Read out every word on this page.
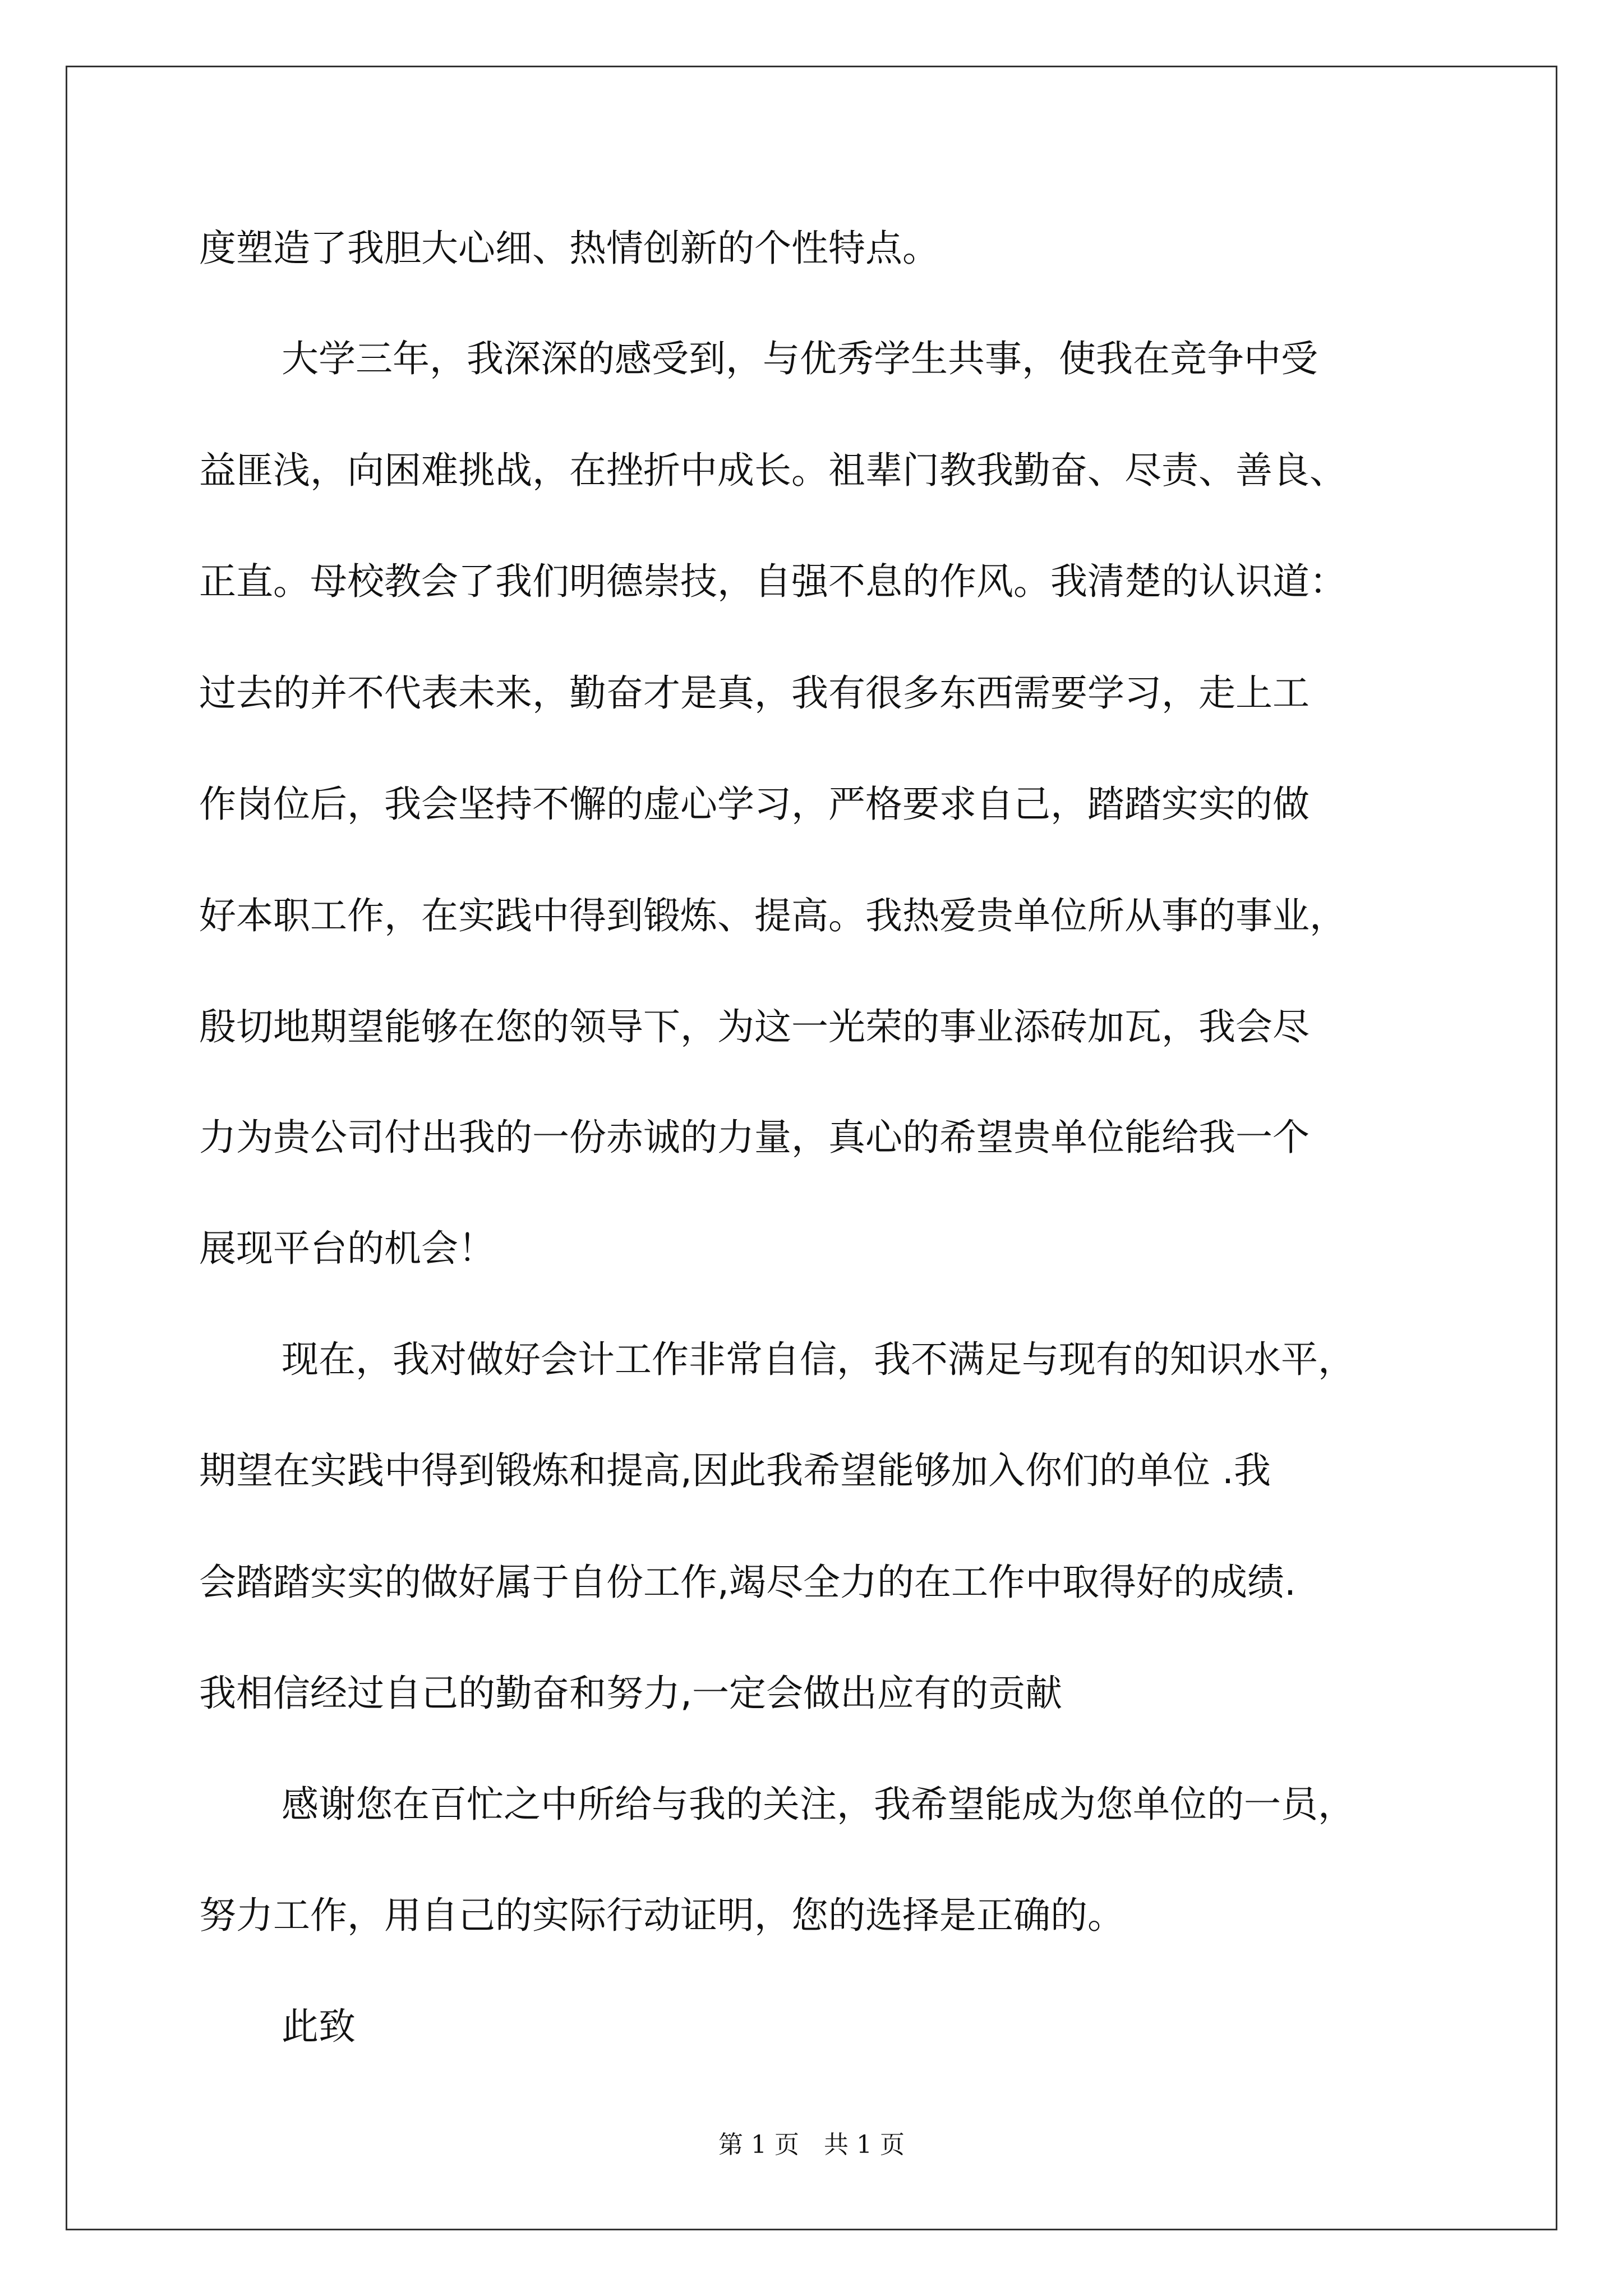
度塑造了我胆大心细、热情创新的个性特点。
大学三年，我深深的感受到，与优秀学生共事，使我在竞争中受
益匪浅，向困难挑战，在挫折中成长。祖辈门教我勤奋、尽责、善良、
正直。母校教会了我们明德崇技，自强不息的作风。我清楚的认识道：
过去的并不代表未来，勤奋才是真，我有很多东西需要学习，走上工
作岗位后，我会坚持不懈的虚心学习，严格要求自己，踏踏实实的做
好本职工作，在实践中得到锻炼、提高。我热爱贵单位所从事的事业，
殷切地期望能够在您的领导下，为这一光荣的事业添砖加瓦，我会尽
力为贵公司付出我的一份赤诚的力量，真心的希望贵单位能给我一个
展现平台的机会！
现在，我对做好会计工作非常自信，我不满足与现有的知识水平，
期望在实践中得到锻炼和提高,因此我希望能够加入你们的单位 .我
会踏踏实实的做好属于自份工作,竭尽全力的在工作中取得好的成绩.
我相信经过自己的勤奋和努力,一定会做出应有的贡献
感谢您在百忙之中所给与我的关注，我希望能成为您单位的一员，
努力工作，用自己的实际行动证明，您的选择是正确的。
此致
第 1 页　共 1 页
